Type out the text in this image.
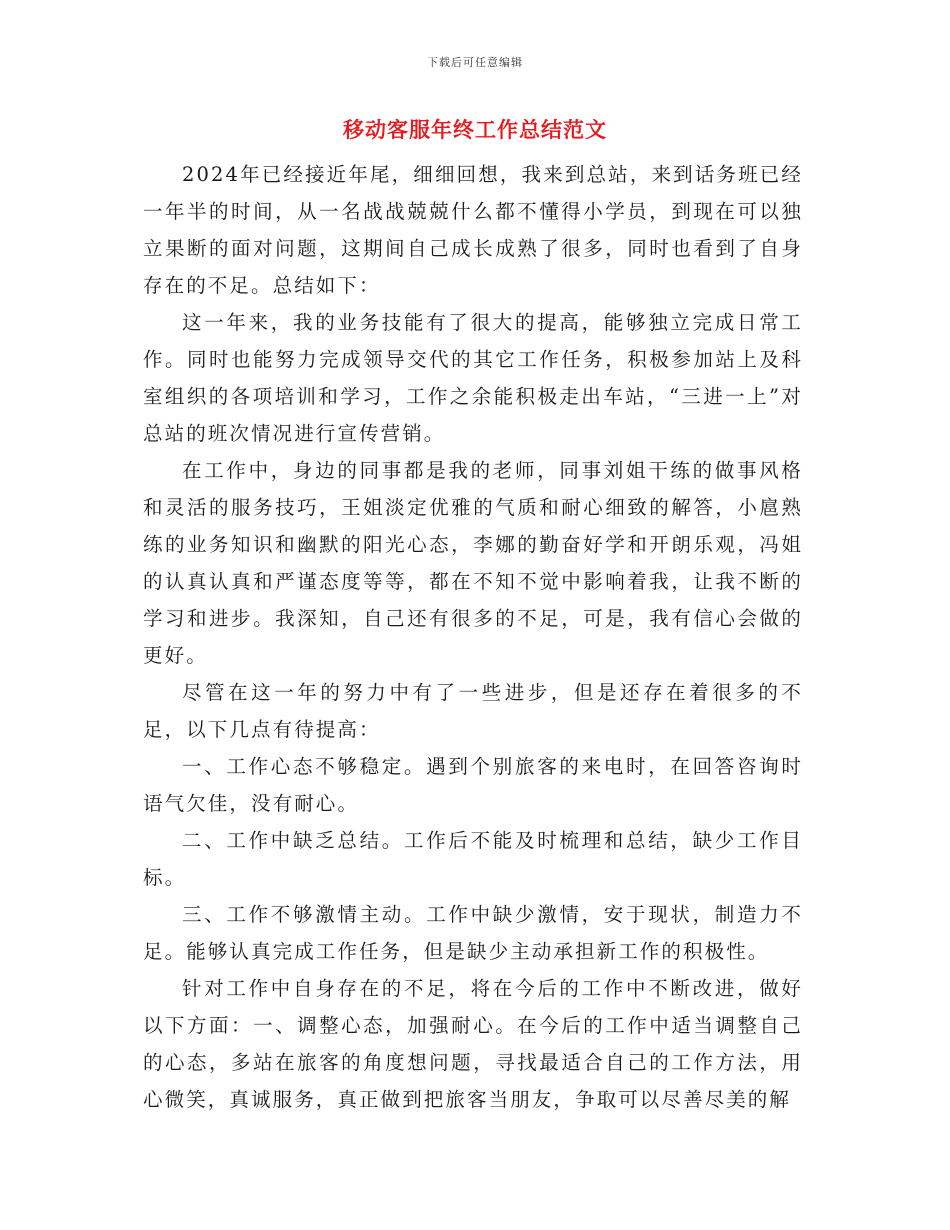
下载后可任意编辑
移动客服年终工作总结范文

2024年已经接近年尾，细细回想，我来到总站，来到话务班已经一年半的时间，从一名战战兢兢什么都不懂得小学员，到现在可以独立果断的面对问题，这期间自己成长成熟了很多，同时也看到了自身存在的不足。总结如下：

这一年来，我的业务技能有了很大的提高，能够独立完成日常工作。同时也能努力完成领导交代的其它工作任务，积极参加站上及科室组织的各项培训和学习，工作之余能积极走出车站，“三进一上”对总站的班次情况进行宣传营销。

在工作中，身边的同事都是我的老师，同事刘姐干练的做事风格和灵活的服务技巧，王姐淡定优雅的气质和耐心细致的解答，小扈熟练的业务知识和幽默的阳光心态，李娜的勤奋好学和开朗乐观，冯姐的认真认真和严谨态度等等，都在不知不觉中影响着我，让我不断的学习和进步。我深知，自己还有很多的不足，可是，我有信心会做的更好。

尽管在这一年的努力中有了一些进步，但是还存在着很多的不足，以下几点有待提高：

一、工作心态不够稳定。遇到个别旅客的来电时，在回答咨询时语气欠佳，没有耐心。

二、工作中缺乏总结。工作后不能及时梳理和总结，缺少工作目标。

三、工作不够激情主动。工作中缺少激情，安于现状，制造力不足。能够认真完成工作任务，但是缺少主动承担新工作的积极性。

针对工作中自身存在的不足，将在今后的工作中不断改进，做好以下方面：一、调整心态，加强耐心。在今后的工作中适当调整自己的心态，多站在旅客的角度想问题，寻找最适合自己的工作方法，用心微笑，真诚服务，真正做到把旅客当朋友，争取可以尽善尽美的解
